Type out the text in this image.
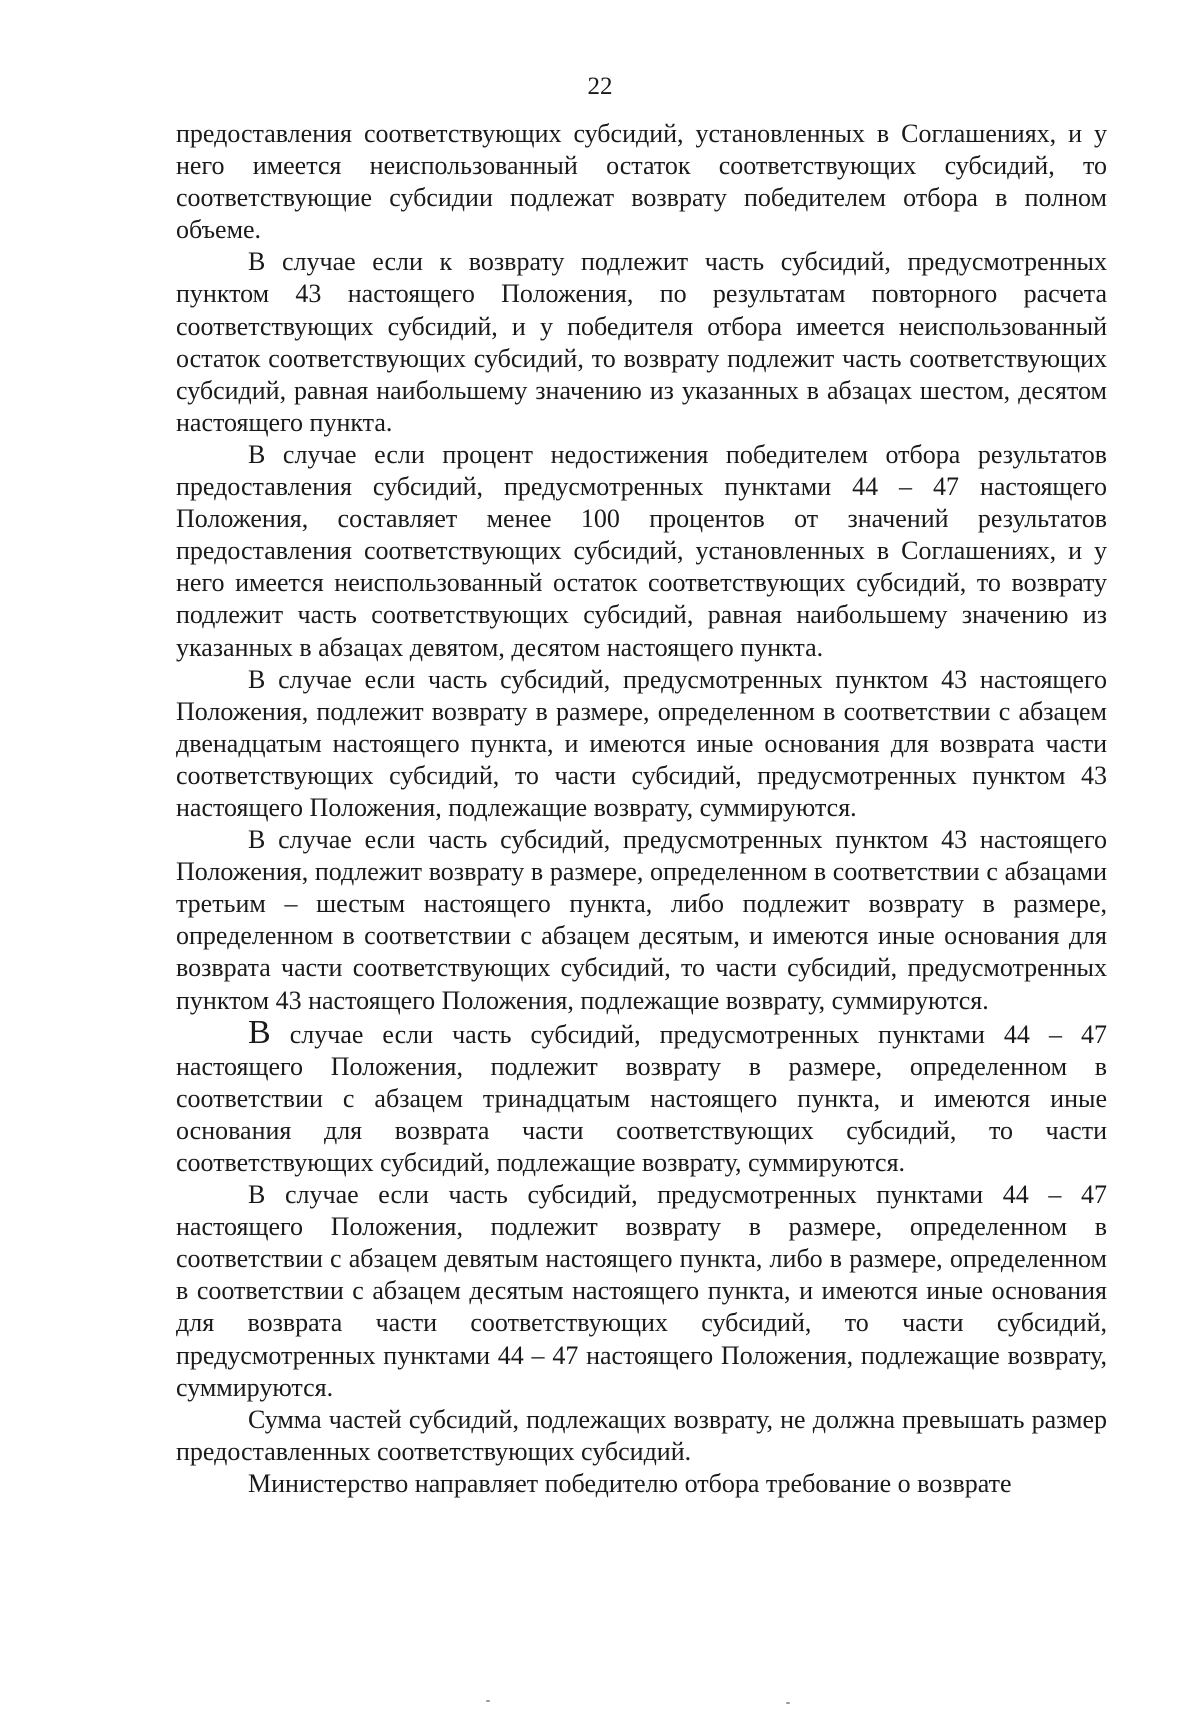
22

предоставления соответствующих субсидий, установленных в Соглашениях, и у него имеется неиспользованный остаток соответствующих субсидий, то соответствующие субсидии подлежат возврату победителем отбора в полном объеме.

В случае если к возврату подлежит часть субсидий, предусмотренных пунктом 43 настоящего Положения, по результатам повторного расчета соответствующих субсидий, и у победителя отбора имеется неиспользованный остаток соответствующих субсидий, то возврату подлежит часть соответствующих субсидий, равная наибольшему значению из указанных в абзацах шестом, десятом настоящего пункта.

В случае если процент недостижения победителем отбора результатов предоставления субсидий, предусмотренных пунктами 44 – 47 настоящего Положения, составляет менее 100 процентов от значений результатов предоставления соответствующих субсидий, установленных в Соглашениях, и у него имеется неиспользованный остаток соответствующих субсидий, то возврату подлежит часть соответствующих субсидий, равная наибольшему значению из указанных в абзацах девятом, десятом настоящего пункта.

В случае если часть субсидий, предусмотренных пунктом 43 настоящего Положения, подлежит возврату в размере, определенном в соответствии с абзацем двенадцатым настоящего пункта, и имеются иные основания для возврата части соответствующих субсидий, то части субсидий, предусмотренных пунктом 43 настоящего Положения, подлежащие возврату, суммируются.

В случае если часть субсидий, предусмотренных пунктом 43 настоящего Положения, подлежит возврату в размере, определенном в соответствии с абзацами третьим – шестым настоящего пункта, либо подлежит возврату в размере, определенном в соответствии с абзацем десятым, и имеются иные основания для возврата части соответствующих субсидий, то части субсидий, предусмотренных пунктом 43 настоящего Положения, подлежащие возврату, суммируются.

В случае если часть субсидий, предусмотренных пунктами 44 – 47 настоящего Положения, подлежит возврату в размере, определенном в соответствии с абзацем тринадцатым настоящего пункта, и имеются иные основания для возврата части соответствующих субсидий, то части соответствующих субсидий, подлежащие возврату, суммируются.

В случае если часть субсидий, предусмотренных пунктами 44 – 47 настоящего Положения, подлежит возврату в размере, определенном в соответствии с абзацем девятым настоящего пункта, либо в размере, определенном в соответствии с абзацем десятым настоящего пункта, и имеются иные основания для возврата части соответствующих субсидий, то части субсидий, предусмотренных пунктами 44 – 47 настоящего Положения, подлежащие возврату, суммируются.

Сумма частей субсидий, подлежащих возврату, не должна превышать размер предоставленных соответствующих субсидий.

Министерство направляет победителю отбора требование о возврате
